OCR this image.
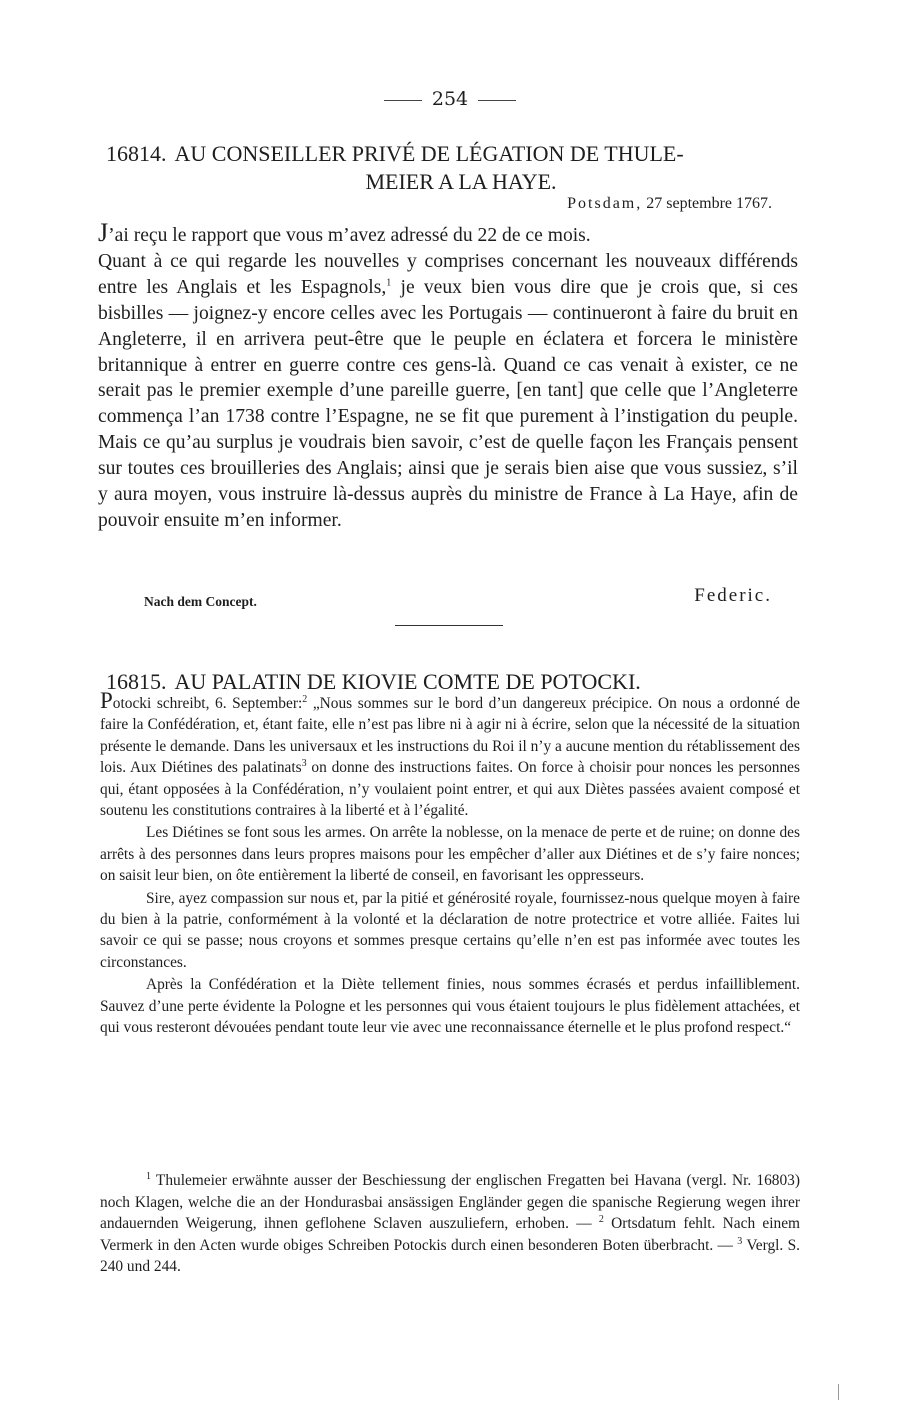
254
16814. AU CONSEILLER PRIVÉ DE LÉGATION DE THULE-
MEIER A LA HAYE.
Potsdam, 27 septembre 1767.
J’ai reçu le rapport que vous m’avez adressé du 22 de ce mois.
Quant à ce qui regarde les nouvelles y comprises concernant les nouveaux différends entre les Anglais et les Espagnols,$^1$ je veux bien vous dire que je crois que, si ces bisbilles — joignez-y encore celles avec les Portugais — continueront à faire du bruit en Angleterre, il en arrivera peut-être que le peuple en éclatera et forcera le ministère britannique à entrer en guerre contre ces gens-là. Quand ce cas venait à exister, ce ne serait pas le premier exemple d’une pareille guerre, [en tant] que celle que l’Angleterre commença l’an 1738 contre l’Espagne, ne se fit que purement à l’instigation du peuple. Mais ce qu’au surplus je voudrais bien savoir, c’est de quelle façon les Français pensent sur toutes ces brouilleries des Anglais; ainsi que je serais bien aise que vous sussiez, s’il y aura moyen, vous instruire là-dessus auprès du ministre de France à La Haye, afin de pouvoir ensuite m’en informer.
Nach dem Concept.	Federic.
16815. AU PALATIN DE KIOVIE COMTE DE POTOCKI.

Potocki schreibt, 6. September:$^2$ „Nous sommes sur le bord d’un dangereux précipice. On nous a ordonné de faire la Confédération, et, étant faite, elle n’est pas libre ni à agir ni à écrire, selon que la nécessité de la situation présente le demande. Dans les universaux et les instructions du Roi il n’y a aucune mention du rétablissement des lois. Aux Diétines des palatinats$^3$ on donne des instructions faites. On force à choisir pour nonces les personnes qui, étant opposées à la Confédération, n’y voulaient point entrer, et qui aux Diètes passées avaient composé et soutenu les constitutions contraires à la liberté et à l’égalité.

Les Diétines se font sous les armes. On arrête la noblesse, on la menace de perte et de ruine; on donne des arrêts à des personnes dans leurs propres maisons pour les empêcher d’aller aux Diétines et de s’y faire nonces; on saisit leur bien, on ôte entièrement la liberté de conseil, en favorisant les oppresseurs.

Sire, ayez compassion sur nous et, par la pitié et générosité royale, fournissez-nous quelque moyen à faire du bien à la patrie, conformément à la volonté et la déclaration de notre protectrice et votre alliée. Faites lui savoir ce qui se passe; nous croyons et sommes presque certains qu’elle n’en est pas informée avec toutes les circonstances.

Après la Confédération et la Diète tellement finies, nous sommes écrasés et perdus infailliblement. Sauvez d’une perte évidente la Pologne et les personnes qui vous étaient toujours le plus fidèlement attachées, et qui vous resteront dévouées pendant toute leur vie avec une reconnaissance éternelle et le plus profond respect.“

$^1$ Thulemeier erwähnte ausser der Beschiessung der englischen Fregatten bei Havana (vergl. Nr. 16803) noch Klagen, welche die an der Hondurasbai ansässigen Engländer gegen die spanische Regierung wegen ihrer andauernden Weigerung, ihnen geflohene Sclaven auszuliefern, erhoben. — $^2$ Ortsdatum fehlt. Nach einem Vermerk in den Acten wurde obiges Schreiben Potockis durch einen besonderen Boten überbracht. — $^3$ Vergl. S. 240 und 244.
